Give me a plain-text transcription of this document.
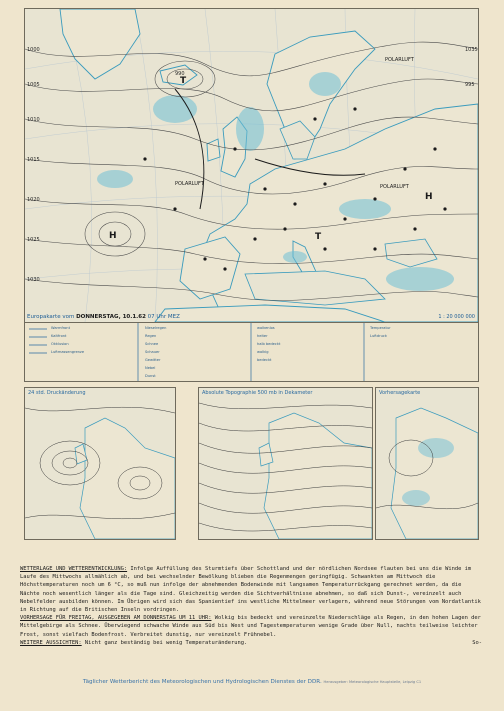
T
H
H
T
POLARLUFT
POLARLUFT	POLARLUFT
1000
1005
1010
1015
1020
1025
1030
1035
990
995
Europakarte vom DONNERSTAG, 10.1.62 07 Uhr MEZ	1 : 20 000 000
Warmfront
Kaltfront
Okklusion
Luftmassengrenze
Nieselregen
Regen
Schnee
Schauer
Gewitter
Nebel
Dunst
wolkenlos
heiter
halb bedeckt
wolkig
bedeckt
Temperatur
Luftdruck
24 std. Druckänderung	Absolute Topographie 500 mb in Dekameter	Vorhersagekarte

WETTERLAGE UND WETTERENTWICKLUNG: Infolge Auffüllung des Sturmtiefs über Schottland und der nördlichen Nordsee flauten bei uns die Winde im Laufe des Mittwochs allmählich ab, und bei wechselnder Bewölkung blieben die Regenmengen geringfügig. Schwankten am Mittwoch die Höchsttemperaturen noch um 6 °C, so muß nun infolge der abnehmenden Bodenwinde mit langsamen Temperaturrückgang gerechnet werden, da die Nächte noch wesentlich länger als die Tage sind. Gleichzeitig werden die Sichtverhältnisse abnehmen, so daß sich Dunst-, vereinzelt auch Nebelfelder ausbilden können. Im Übrigen wird sich das Spanientief ins westliche Mittelmeer verlagern, während neue Störungen vom Nordatlantik in Richtung auf die Britischen Inseln vordringen.

VORHERSAGE FÜR FREITAG, AUSGEGEBEN AM DONNERSTAG UM 11 UHR: Wolkig bis bedeckt und vereinzelte Niederschläge als Regen, in den hohen Lagen der Mittelgebirge als Schnee. Überwiegend schwache Winde aus Süd bis West und Tagestemperaturen wenige Grade über Null, nachts teilweise leichter Frost, sonst vielfach Bodenfrost. Verbreitet dunstig, nur vereinzelt Frühnebel.

WEITERE AUSSICHTEN: Nicht ganz beständig bei wenig Temperaturänderung.	So-

Täglicher Wetterbericht des Meteorologischen und Hydrologischen Dienstes der DDR. Herausgeber: Meteorologische Hauptstelle, Leipzig C1
